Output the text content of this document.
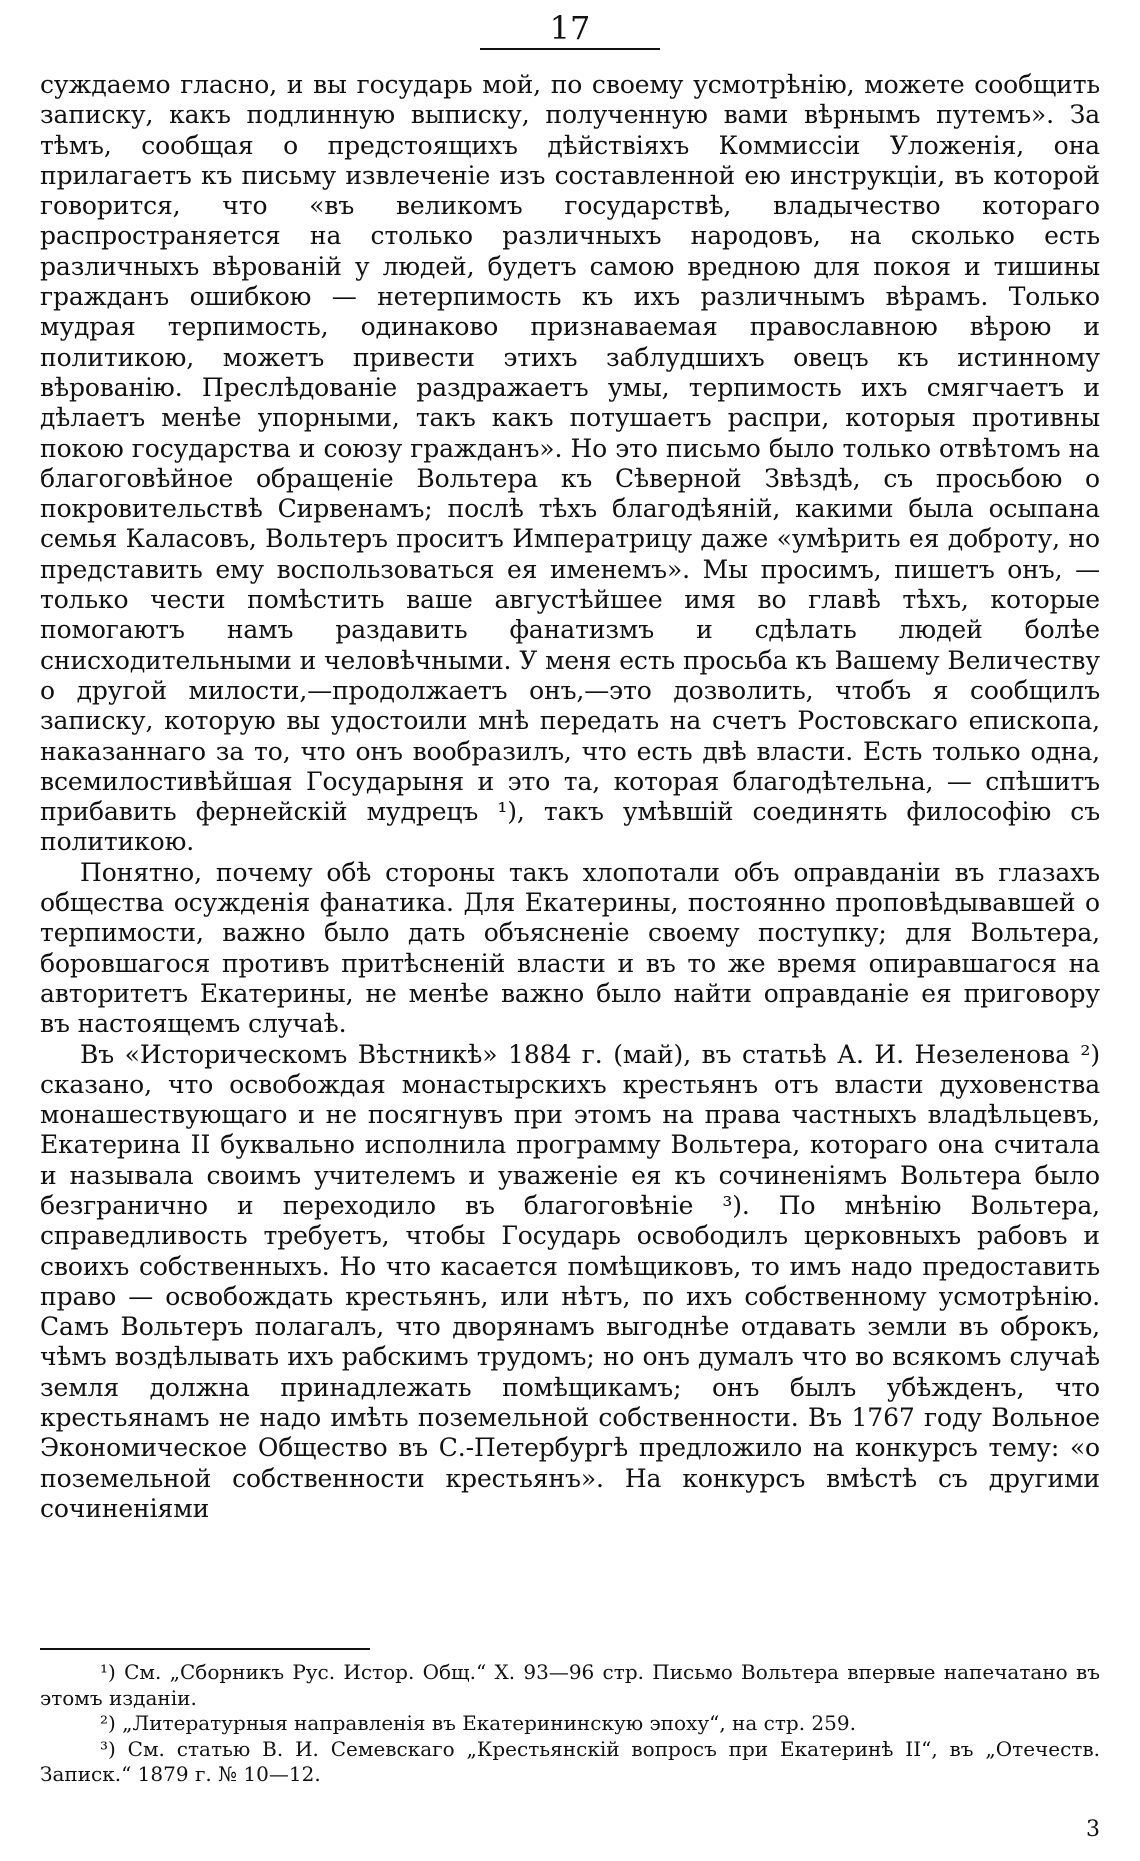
17

суждаемо гласно, и вы государь мой, по своему усмотрѣнію, можете сообщить записку, какъ подлинную выписку, полученную вами вѣрнымъ путемъ». За тѣмъ, сообщая о предстоящихъ дѣйствіяхъ Коммиссіи Уложенія, она прилагаетъ къ письму извлеченіе изъ составленной ею инструкціи, въ которой говорится, что «въ великомъ государствѣ, владычество котораго распространяется на столько различныхъ народовъ, на сколько есть различныхъ вѣрованій у людей, будетъ самою вредною для покоя и тишины гражданъ ошибкою — нетерпимость къ ихъ различнымъ вѣрамъ. Только мудрая терпимость, одинаково признаваемая православною вѣрою и политикою, можетъ привести этихъ заблудшихъ овецъ къ истинному вѣрованію. Преслѣдованіе раздражаетъ умы, терпимость ихъ смягчаетъ и дѣлаетъ менѣе упорными, такъ какъ потушаетъ распри, которыя противны покою государства и союзу гражданъ». Но это письмо было только отвѣтомъ на благоговѣйное обращеніе Вольтера къ Сѣверной Звѣздѣ, съ просьбою о покровительствѣ Сирвенамъ; послѣ тѣхъ благодѣяній, какими была осыпана семья Каласовъ, Вольтеръ проситъ Императрицу даже «умѣрить ея доброту, но представить ему воспользоваться ея именемъ». Мы просимъ, пишетъ онъ, — только чести помѣстить ваше августѣйшее имя во главѣ тѣхъ, которые помогаютъ намъ раздавить фанатизмъ и сдѣлать людей болѣе снисходительными и человѣчными. У меня есть просьба къ Вашему Величеству о другой милости,—продолжаетъ онъ,—это дозволить, чтобъ я сообщилъ записку, которую вы удостоили мнѣ передать на счетъ Ростовскаго епископа, наказаннаго за то, что онъ вообразилъ, что есть двѣ власти. Есть только одна, всемилостивѣйшая Государыня и это та, которая благодѣтельна, — спѣшитъ прибавить фернейскій мудрецъ ¹), такъ умѣвшій соединять философію съ политикою.

Понятно, почему обѣ стороны такъ хлопотали объ оправданіи въ глазахъ общества осужденія фанатика. Для Екатерины, постоянно проповѣдывавшей о терпимости, важно было дать объясненіе своему поступку; для Вольтера, боровшагося противъ притѣсненій власти и въ то же время опиравшагося на авторитетъ Екатерины, не менѣе важно было найти оправданіе ея приговору въ настоящемъ случаѣ.

Въ «Историческомъ Вѣстникѣ» 1884 г. (май), въ статьѣ А. И. Незеленова ²) сказано, что освобождая монастырскихъ крестьянъ отъ власти духовенства монашествующаго и не посягнувъ при этомъ на права частныхъ владѣльцевъ, Екатерина II буквально исполнила программу Вольтера, котораго она считала и называла своимъ учителемъ и уваженіе ея къ сочиненіямъ Вольтера было безгранично и переходило въ благоговѣніе ³). По мнѣнію Вольтера, справедливость требуетъ, чтобы Государь освободилъ церковныхъ рабовъ и своихъ собственныхъ. Но что касается помѣщиковъ, то имъ надо предоставить право — освобождать крестьянъ, или нѣтъ, по ихъ собственному усмотрѣнію. Самъ Вольтеръ полагалъ, что дворянамъ выгоднѣе отдавать земли въ оброкъ, чѣмъ воздѣлывать ихъ рабскимъ трудомъ; но онъ думалъ что во всякомъ случаѣ земля должна принадлежать помѣщикамъ; онъ былъ убѣжденъ, что крестьянамъ не надо имѣть поземельной собственности. Въ 1767 году Вольное Экономическое Общество въ С.-Петербургѣ предложило на конкурсъ тему: «о поземельной собственности крестьянъ». На конкурсъ вмѣстѣ съ другими сочиненіями

¹) См. „Сборникъ Рус. Истор. Общ.“ X. 93—96 стр. Письмо Вольтера впервые напечатано въ этомъ изданіи.

²) „Литературныя направленія въ Екатерининскую эпоху“, на стр. 259.

³) См. статью В. И. Семевскаго „Крестьянскій вопросъ при Екатеринѣ II“, въ „Отечеств. Записк.“ 1879 г. № 10—12.

3
